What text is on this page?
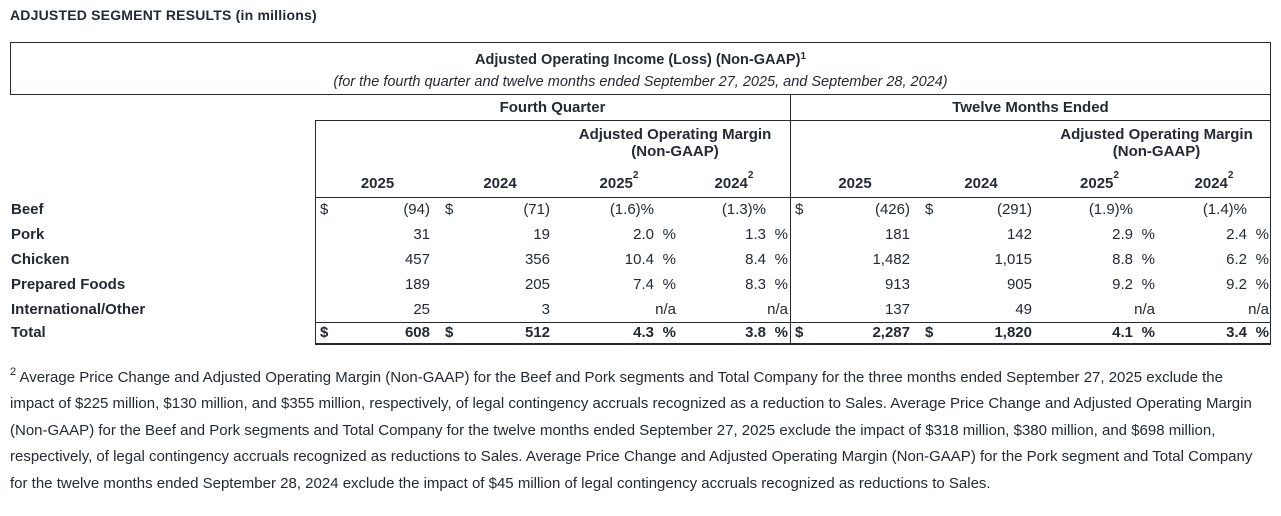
ADJUSTED SEGMENT RESULTS (in millions)
Adjusted Operating Income (Loss) (Non-GAAP)$^1$
(for the fourth quarter and twelve months ended September 27, 2025, and September 28, 2024)
Fourth Quarter	Twelve Months Ended
Adjusted Operating Margin
(Non-GAAP)
Adjusted Operating Margin
(Non-GAAP)
2025	2024	2025$^2$	2024$^2$	2025	2024	2025$^2$	2024$^2$
Beef	$	(94)	$	(71)	(1.6)%	(1.3)%	$	(426)	$	(291)	(1.9)%	(1.4)%
Pork	31	19	2.0 %	1.3 %	181	142	2.9 %	2.4 %
Chicken	457	356	10.4 %	8.4 %	1,482	1,015	8.8 %	6.2 %
Prepared Foods	189	205	7.4 %	8.3 %	913	905	9.2 %	9.2 %
International/Other	25	3	n/a	n/a	137	49	n/a	n/a
Total	$	608	$	512	4.3 %	3.8 % $	2,287	$	1,820	4.1 %	3.4 %
$^2$ Average Price Change and Adjusted Operating Margin (Non-GAAP) for the Beef and Pork segments and Total Company for the three months ended September 27, 2025 exclude the impact of $225 million, $130 million, and $355 million, respectively, of legal contingency accruals recognized as a reduction to Sales. Average Price Change and Adjusted Operating Margin (Non-GAAP) for the Beef and Pork segments and Total Company for the twelve months ended September 27, 2025 exclude the impact of $318 million, $380 million, and $698 million, respectively, of legal contingency accruals recognized as reductions to Sales. Average Price Change and Adjusted Operating Margin (Non-GAAP) for the Pork segment and Total Company for the twelve months ended September 28, 2024 exclude the impact of $45 million of legal contingency accruals recognized as reductions to Sales.
